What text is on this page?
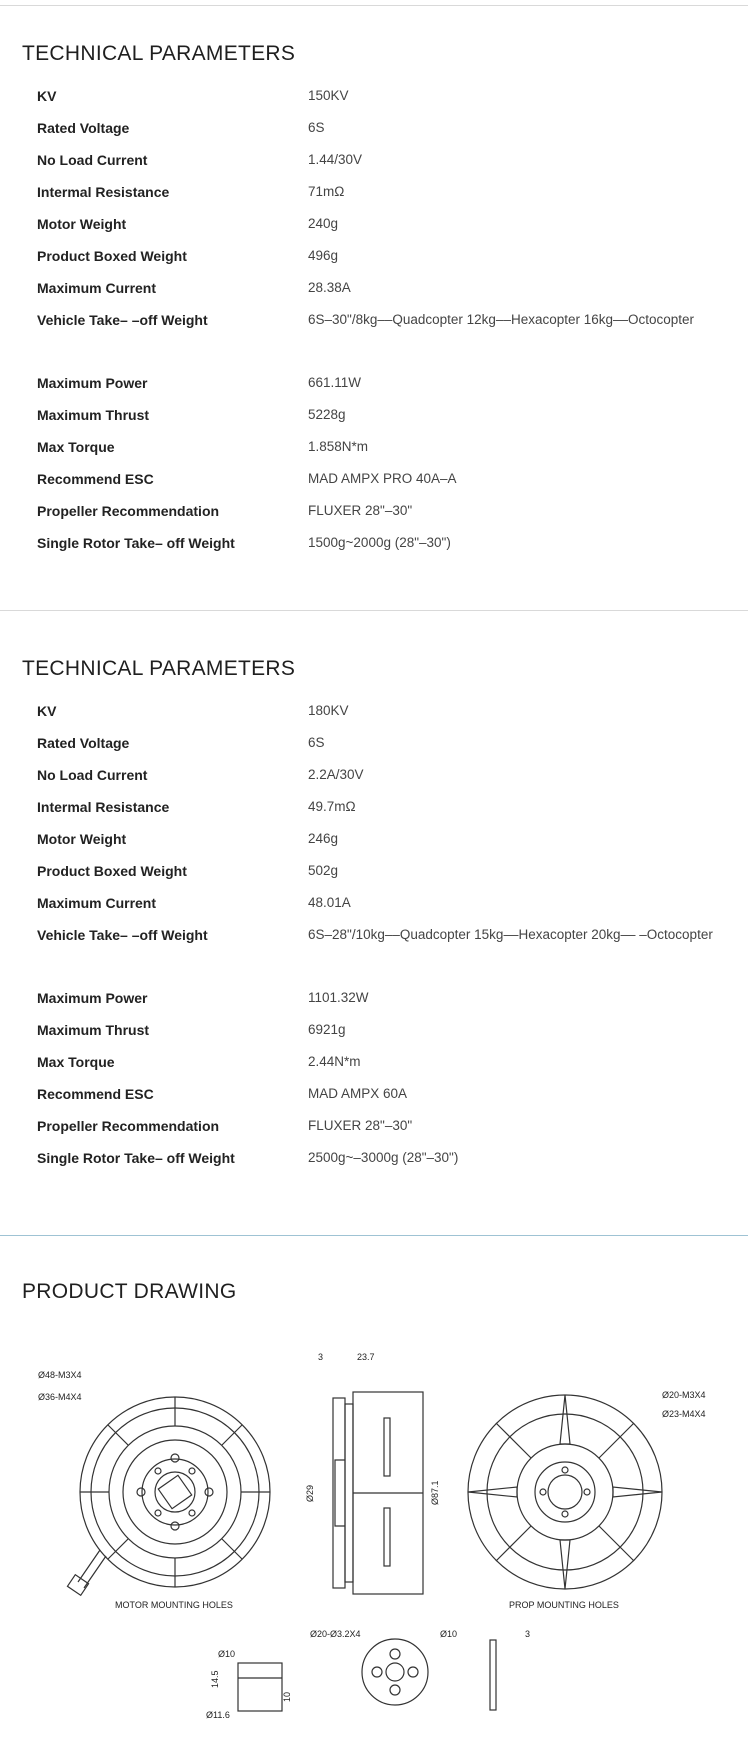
TECHNICAL PARAMETERS
KV	150KV
Rated Voltage	6S
No Load Current	1.44/30V
Intermal Resistance	71mΩ
Motor Weight	240g
Product Boxed Weight	496g
Maximum Current	28.38A
Vehicle Take– –off Weight	6S–30"/8kg––Quadcopter 12kg––Hexacopter 16kg––Octocopter
Maximum Power	661.11W
Maximum Thrust	5228g
Max Torque	1.858N*m
Recommend ESC	MAD AMPX PRO 40A–A
Propeller Recommendation	FLUXER 28"–30"
Single Rotor Take– off Weight	1500g~2000g (28"–30")
TECHNICAL PARAMETERS
KV	180KV
Rated Voltage	6S
No Load Current	2.2A/30V
Intermal Resistance	49.7mΩ
Motor Weight	246g
Product Boxed Weight	502g
Maximum Current	48.01A
Vehicle Take– –off Weight	6S–28"/10kg––Quadcopter 15kg––Hexacopter 20kg–– –Octocopter
Maximum Power	1101.32W
Maximum Thrust	6921g
Max Torque	2.44N*m
Recommend ESC	MAD AMPX 60A
Propeller Recommendation	FLUXER 28"–30"
Single Rotor Take– off Weight	2500g~–3000g (28"–30")
PRODUCT DRAWING
Ø48-M3X4
Ø36-M4X4
3	23.7
Ø29	Ø87.1
Ø20-M3X4
Ø23-M4X4
MOTOR MOUNTING HOLES	PROP MOUNTING HOLES
Ø10
14.5
10
Ø11.6
Ø20-Ø3.2X4	Ø10	3
